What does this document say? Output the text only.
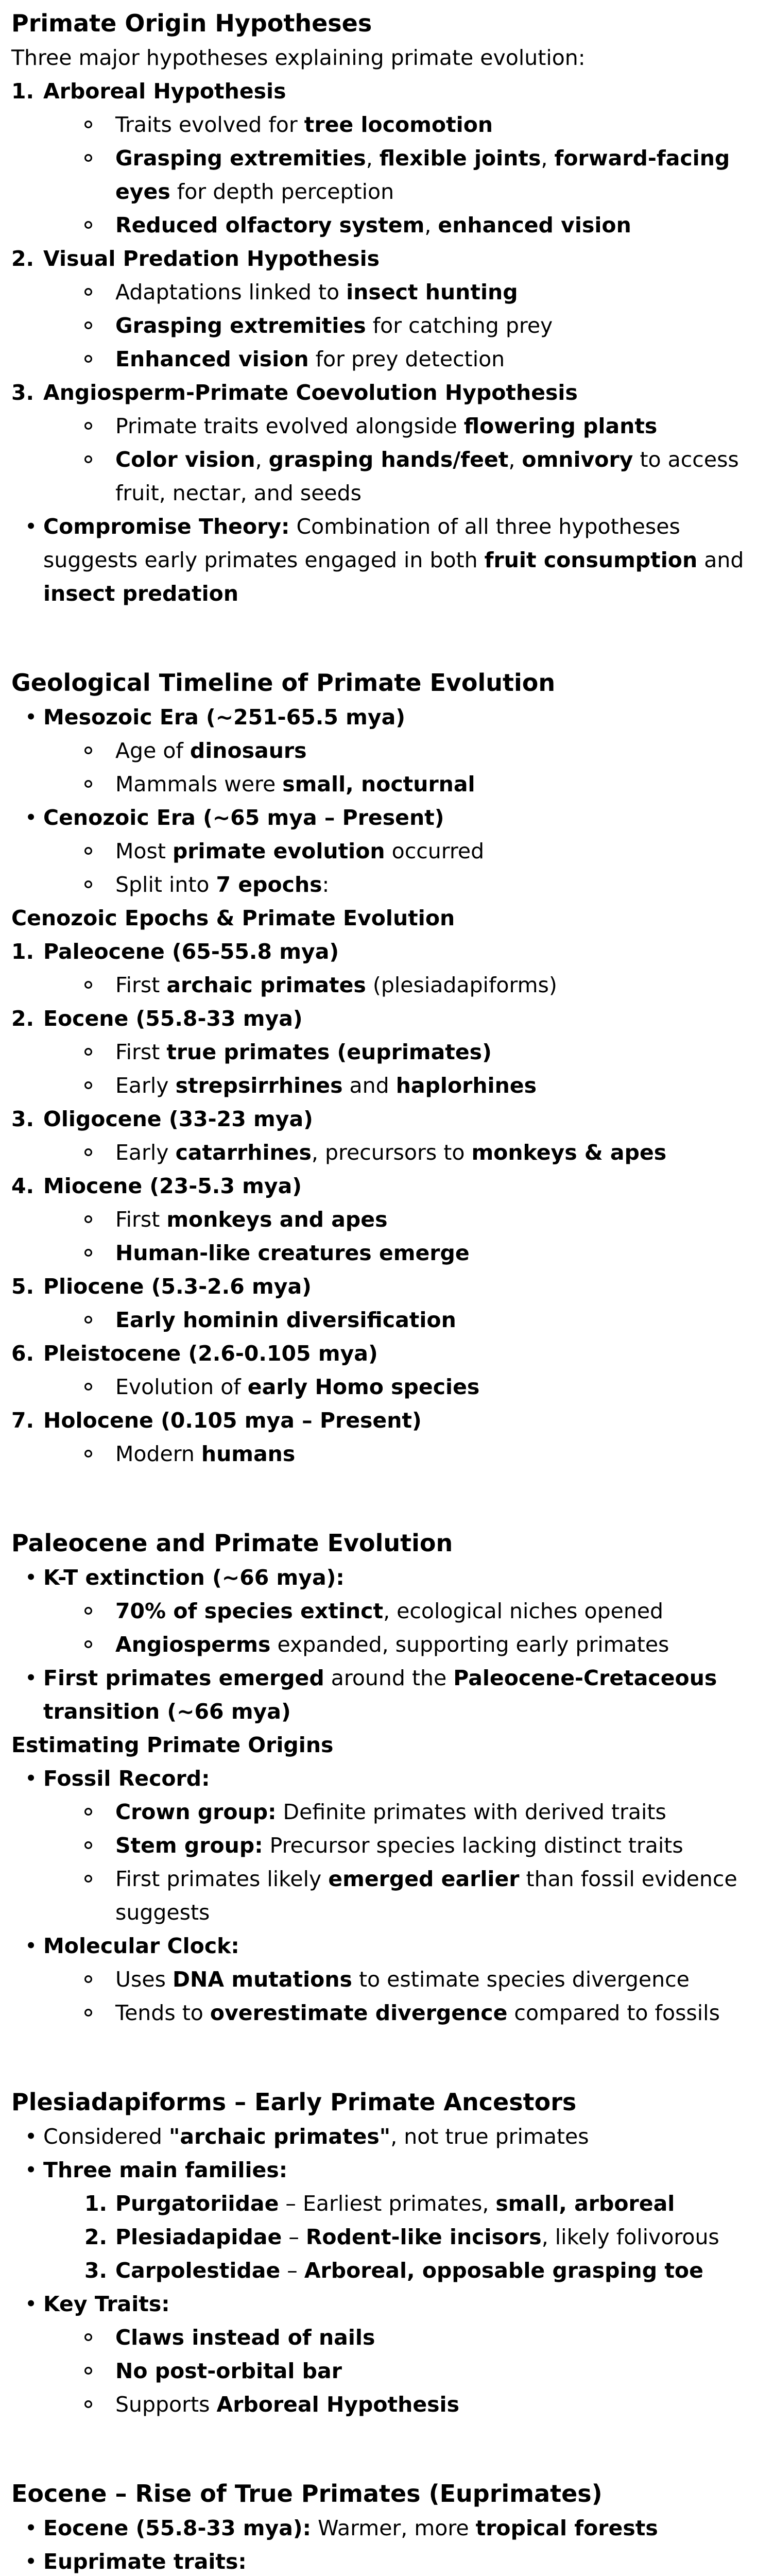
Primate Origin Hypotheses

Three major hypotheses explaining primate evolution:

1. Arboreal Hypothesis
Traits evolved for tree locomotion
Grasping extremities, flexible joints, forward-facing eyes for depth perception
Reduced olfactory system, enhanced vision
2. Visual Predation Hypothesis
Adaptations linked to insect hunting
Grasping extremities for catching prey
Enhanced vision for prey detection
3. Angiosperm-Primate Coevolution Hypothesis
Primate traits evolved alongside flowering plants
Color vision, grasping hands/feet, omnivory to access fruit, nectar, and seeds
• Compromise Theory: Combination of all three hypotheses suggests early primates engaged in both fruit consumption and insect predation

Geological Timeline of Primate Evolution

• Mesozoic Era (~251-65.5 mya)
Age of dinosaurs
Mammals were small, nocturnal
• Cenozoic Era (~65 mya – Present)
Most primate evolution occurred
Split into 7 epochs:

Cenozoic Epochs & Primate Evolution

1. Paleocene (65-55.8 mya)
First archaic primates (plesiadapiforms)
2. Eocene (55.8-33 mya)
First true primates (euprimates)
Early strepsirrhines and haplorhines
3. Oligocene (33-23 mya)
Early catarrhines, precursors to monkeys & apes
4. Miocene (23-5.3 mya)
First monkeys and apes
Human-like creatures emerge
5. Pliocene (5.3-2.6 mya)
Early hominin diversification
6. Pleistocene (2.6-0.105 mya)
Evolution of early Homo species
7. Holocene (0.105 mya – Present)
Modern humans

Paleocene and Primate Evolution

• K-T extinction (~66 mya):
70% of species extinct, ecological niches opened
Angiosperms expanded, supporting early primates
• First primates emerged around the Paleocene-Cretaceous transition (~66 mya)

Estimating Primate Origins

• Fossil Record:
Crown group: Definite primates with derived traits
Stem group: Precursor species lacking distinct traits
First primates likely emerged earlier than fossil evidence suggests
• Molecular Clock:
Uses DNA mutations to estimate species divergence
Tends to overestimate divergence compared to fossils

Plesiadapiforms – Early Primate Ancestors

• Considered "archaic primates", not true primates
• Three main families:
1. Purgatoriidae – Earliest primates, small, arboreal
2. Plesiadapidae – Rodent-like incisors, likely folivorous
3. Carpolestidae – Arboreal, opposable grasping toe
• Key Traits:
Claws instead of nails
No post-orbital bar
Supports Arboreal Hypothesis

Eocene – Rise of True Primates (Euprimates)

• Eocene (55.8-33 mya): Warmer, more tropical forests
• Euprimate traits:
